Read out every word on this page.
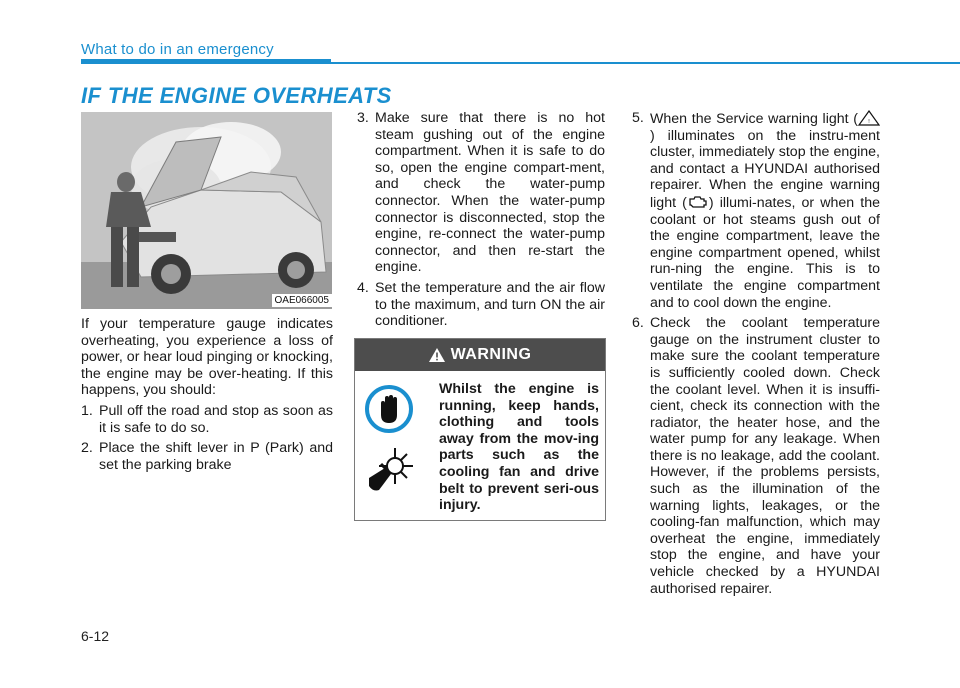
What to do in an emergency
IF THE ENGINE OVERHEATS
OAE066005

If your temperature gauge indicates overheating, you experience a loss of power, or hear loud pinging or knocking, the engine may be over-heating. If this happens, you should:

1. Pull off the road and stop as soon as it is safe to do so.
2. Place the shift lever in P (Park) and set the parking brake
3. Make sure that there is no hot steam gushing out of the engine compartment. When it is safe to do so, open the engine compart-ment, and check the water-pump connector. When the water-pump connector is disconnected, stop the engine, re-connect the water-pump connector, and then re-start the engine.
4. Set the temperature and the air flow to the maximum, and turn ON the air conditioner.
WARNING
Whilst the engine is running, keep hands, clothing and tools away from the mov-ing parts such as the cooling fan and drive belt to prevent seri-ous injury.
5. When the Service warning light ( !
) illuminates on the instru-ment cluster, immediately stop the engine, and contact a HYUNDAI authorised repairer. When the engine warning light ( ) illumi-nates, or when the coolant or hot steams gush out of the engine compartment, leave the engine compartment opened, whilst run-ning the engine. This is to ventilate the engine compartment and to cool down the engine.
6. Check the coolant temperature gauge on the instrument cluster to make sure the coolant temperature is sufficiently cooled down. Check the coolant level. When it is insuffi-cient, check its connection with the radiator, the heater hose, and the water pump for any leakage. When there is no leakage, add the coolant. However, if the problems persists, such as the illumination of the warning lights, leakages, or the cooling-fan malfunction, which may overheat the engine, immediately stop the engine, and have your vehicle checked by a HYUNDAI authorised repairer.
6-12
